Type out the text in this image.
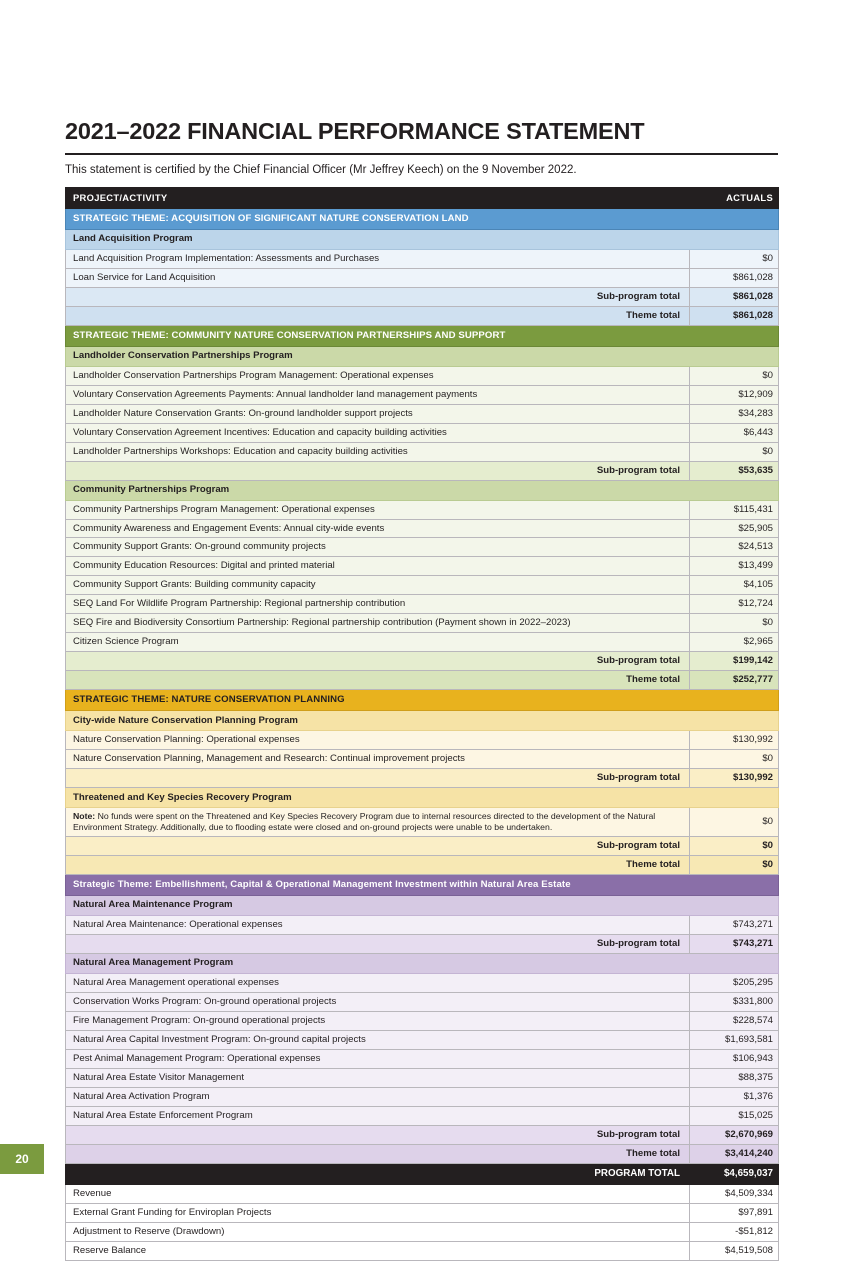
2021–2022 FINANCIAL PERFORMANCE STATEMENT

This statement is certified by the Chief Financial Officer (Mr Jeffrey Keech) on the 9 November 2022.

PROJECT/ACTIVITY	ACTUALS
STRATEGIC THEME: ACQUISITION OF SIGNIFICANT NATURE CONSERVATION LAND	
Land Acquisition Program	
Land Acquisition Program Implementation: Assessments and Purchases	$0
Loan Service for Land Acquisition	$861,028
Sub-program total	$861,028
Theme total	$861,028
STRATEGIC THEME: COMMUNITY NATURE CONSERVATION PARTNERSHIPS AND SUPPORT	
Landholder Conservation Partnerships Program	
Landholder Conservation Partnerships Program Management: Operational expenses	$0
Voluntary Conservation Agreements Payments: Annual landholder land management payments	$12,909
Landholder Nature Conservation Grants: On-ground landholder support projects	$34,283
Voluntary Conservation Agreement Incentives: Education and capacity building activities	$6,443
Landholder Partnerships Workshops: Education and capacity building activities	$0
Sub-program total	$53,635
Community Partnerships Program	
Community Partnerships Program Management: Operational expenses	$115,431
Community Awareness and Engagement Events: Annual city-wide events	$25,905
Community Support Grants: On-ground community projects	$24,513
Community Education Resources: Digital and printed material	$13,499
Community Support Grants: Building community capacity	$4,105
SEQ Land For Wildlife Program Partnership: Regional partnership contribution	$12,724
SEQ Fire and Biodiversity Consortium Partnership: Regional partnership contribution (Payment shown in 2022–2023)	$0
Citizen Science Program	$2,965
Sub-program total	$199,142
Theme total	$252,777
STRATEGIC THEME: NATURE CONSERVATION PLANNING	
City-wide Nature Conservation Planning Program	
Nature Conservation Planning: Operational expenses	$130,992
Nature Conservation Planning, Management and Research: Continual improvement projects	$0
Sub-program total	$130,992
Threatened and Key Species Recovery Program	
Note: No funds were spent on the Threatened and Key Species Recovery Program due to internal resources directed to the development of the Natural Environment Strategy. Additionally, due to flooding estate were closed and on-ground projects were unable to be undertaken.	$0
Sub-program total	$0
Theme total	$0
Strategic Theme: Embellishment, Capital & Operational Management Investment within Natural Area Estate	
Natural Area Maintenance Program	
Natural Area Maintenance: Operational expenses	$743,271
Sub-program total	$743,271
Natural Area Management Program	
Natural Area Management operational expenses	$205,295
Conservation Works Program: On-ground operational projects	$331,800
Fire Management Program: On-ground operational projects	$228,574
Natural Area Capital Investment Program: On-ground capital projects	$1,693,581
Pest Animal Management Program: Operational expenses	$106,943
Natural Area Estate Visitor Management	$88,375
Natural Area Activation Program	$1,376
Natural Area Estate Enforcement Program	$15,025
Sub-program total	$2,670,969
Theme total	$3,414,240
PROGRAM TOTAL	$4,659,037
Revenue	$4,509,334
External Grant Funding for Enviroplan Projects	$97,891
Adjustment to Reserve (Drawdown)	-$51,812
Reserve Balance	$4,519,508
20
